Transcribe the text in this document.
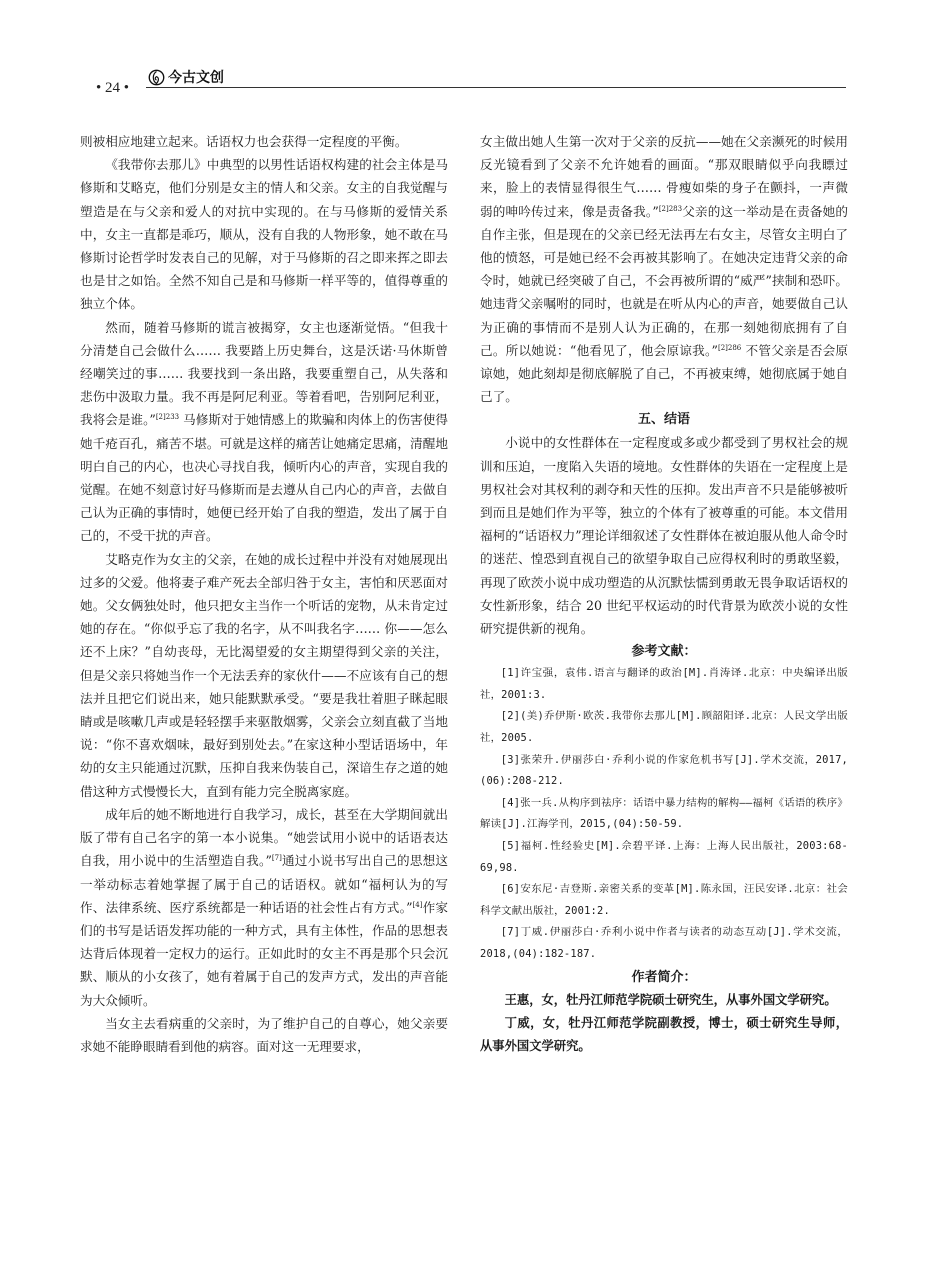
• 24 •
今古文创

则被相应地建立起来。话语权力也会获得一定程度的平衡。

《我带你去那儿》中典型的以男性话语权构建的社会主体是马修斯和艾略克，他们分别是女主的情人和父亲。女主的自我觉醒与塑造是在与父亲和爱人的对抗中实现的。在与马修斯的爱情关系中，女主一直都是乖巧，顺从，没有自我的人物形象，她不敢在马修斯讨论哲学时发表自己的见解，对于马修斯的召之即来挥之即去也是甘之如饴。全然不知自己是和马修斯一样平等的，值得尊重的独立个体。

然而，随着马修斯的谎言被揭穿，女主也逐渐觉悟。“但我十分清楚自己会做什么…… 我要踏上历史舞台，这是沃诺·马休斯曾经嘲笑过的事…… 我要找到一条出路，我要重塑自己，从失落和悲伤中汲取力量。我不再是阿尼利亚。等着看吧，告别阿尼利亚，我将会是谁。”$^{[2]233}$ 马修斯对于她情感上的欺骗和肉体上的伤害使得她千疮百孔，痛苦不堪。可就是这样的痛苦让她痛定思痛，清醒地明白自己的内心，也决心寻找自我，倾听内心的声音，实现自我的觉醒。在她不刻意讨好马修斯而是去遵从自己内心的声音，去做自己认为正确的事情时，她便已经开始了自我的塑造，发出了属于自己的，不受干扰的声音。

艾略克作为女主的父亲，在她的成长过程中并没有对她展现出过多的父爱。他将妻子难产死去全部归咎于女主，害怕和厌恶面对她。父女俩独处时，他只把女主当作一个听话的宠物，从未肯定过她的存在。“你似乎忘了我的名字，从不叫我名字…… 你——怎么还不上床？”自幼丧母，无比渴望爱的女主期望得到父亲的关注，但是父亲只将她当作一个无法丢弃的家伙什——不应该有自己的想法并且把它们说出来，她只能默默承受。“要是我壮着胆子眯起眼睛或是咳嗽几声或是轻轻摆手来驱散烟雾，父亲会立刻直截了当地说：“你不喜欢烟味，最好到别处去。”在家这种小型话语场中，年幼的女主只能通过沉默，压抑自我来伪装自己，深谙生存之道的她借这种方式慢慢长大，直到有能力完全脱离家庭。

成年后的她不断地进行自我学习，成长，甚至在大学期间就出版了带有自己名字的第一本小说集。“她尝试用小说中的话语表达自我，用小说中的生活塑造自我。”[7]通过小说书写出自己的思想这一举动标志着她掌握了属于自己的话语权。就如“福柯认为的写作、法律系统、医疗系统都是一种话语的社会性占有方式。”[4]作家们的书写是话语发挥功能的一种方式，具有主体性，作品的思想表达背后体现着一定权力的运行。正如此时的女主不再是那个只会沉默、顺从的小女孩了，她有着属于自己的发声方式，发出的声音能为大众倾听。

当女主去看病重的父亲时，为了维护自己的自尊心，她父亲要求她不能睁眼睛看到他的病容。面对这一无理要求，

女主做出她人生第一次对于父亲的反抗——她在父亲濒死的时候用反光镜看到了父亲不允许她看的画面。“那双眼睛似乎向我瞟过来，脸上的表情显得很生气…… 骨瘦如柴的身子在颤抖，一声微弱的呻吟传过来，像是责备我。”$^{[2]283}$父亲的这一举动是在责备她的自作主张，但是现在的父亲已经无法再左右女主，尽管女主明白了他的愤怒，可是她已经不会再被其影响了。在她决定违背父亲的命令时，她就已经突破了自己，不会再被所谓的“威严”挟制和恐吓。她违背父亲嘱咐的同时，也就是在听从内心的声音，她要做自己认为正确的事情而不是别人认为正确的，在那一刻她彻底拥有了自己。所以她说：“他看见了，他会原谅我。”$^{[2]286}$ 不管父亲是否会原谅她，她此刻却是彻底解脱了自己，不再被束缚，她彻底属于她自己了。

五、结语

小说中的女性群体在一定程度或多或少都受到了男权社会的规训和压迫，一度陷入失语的境地。女性群体的失语在一定程度上是男权社会对其权利的剥夺和天性的压抑。发出声音不只是能够被听到而且是她们作为平等，独立的个体有了被尊重的可能。本文借用福柯的“话语权力”理论详细叙述了女性群体在被迫服从他人命令时的迷茫、惶恐到直视自己的欲望争取自己应得权利时的勇敢坚毅，再现了欧茨小说中成功塑造的从沉默怯懦到勇敢无畏争取话语权的女性新形象，结合 20 世纪平权运动的时代背景为欧茨小说的女性研究提供新的视角。

参考文献：

[1]许宝强，袁伟.语言与翻译的政治[M].肖涛译.北京：中央编译出版社，2001:3.

[2](美)乔伊斯·欧茨.我带你去那儿[M].顾韶阳译.北京：人民文学出版社，2005.

[3]张荣升.伊丽莎白·乔利小说的作家危机书写[J].学术交流，2017,(06):208-212.

[4]张一兵.从构序到祛序：话语中暴力结构的解构——福柯《话语的秩序》解读[J].江海学刊，2015,(04):50-59.

[5]福柯.性经验史[M].佘碧平译.上海：上海人民出版社，2003:68-69,98.

[6]安东尼·吉登斯.亲密关系的变革[M].陈永国，汪民安译.北京：社会科学文献出版社，2001:2.

[7]丁威.伊丽莎白·乔利小说中作者与读者的动态互动[J].学术交流，2018,(04):182-187.

作者简介：

王惠，女，牡丹江师范学院硕士研究生，从事外国文学研究。

丁威，女，牡丹江师范学院副教授，博士，硕士研究生导师，从事外国文学研究。
